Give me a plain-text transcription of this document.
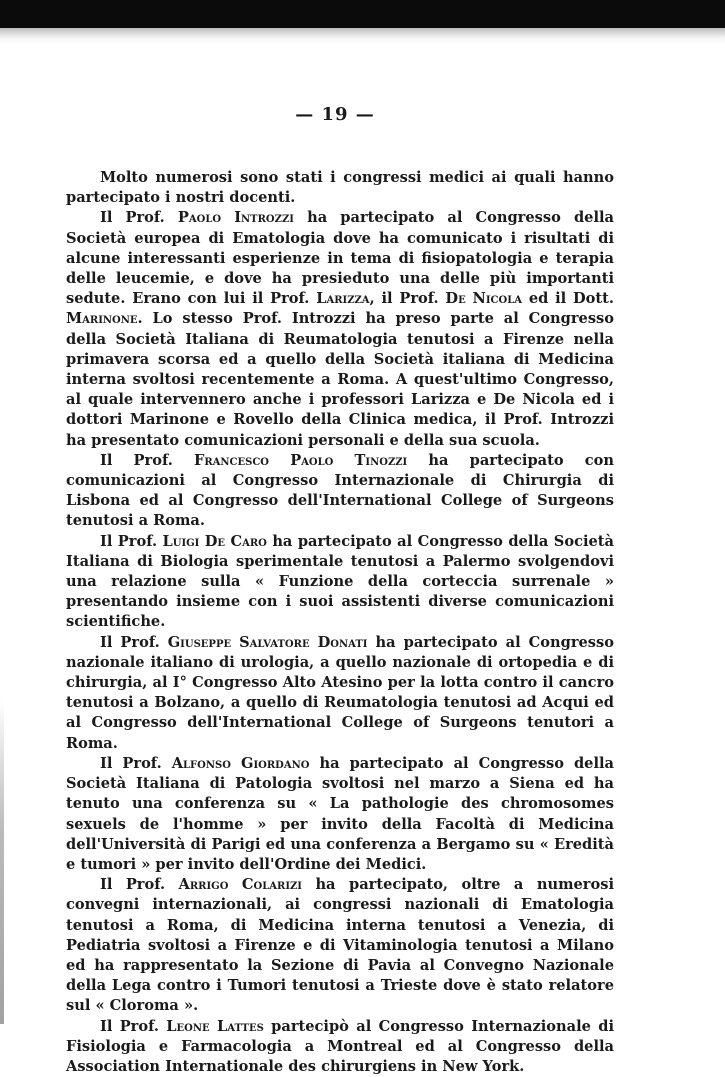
— 19 —

Molto numerosi sono stati i congressi medici ai quali hanno partecipato i nostri docenti.

Il Prof. Paolo Introzzi ha partecipato al Congresso della Società europea di Ematologia dove ha comunicato i risultati di alcune interessanti esperienze in tema di fisiopatologia e terapia delle leucemie, e dove ha presieduto una delle più importanti sedute. Erano con lui il Prof. Larizza, il Prof. De Nicola ed il Dott. Marinone. Lo stesso Prof. Introzzi ha preso parte al Congresso della Società Italiana di Reumatologia tenutosi a Firenze nella primavera scorsa ed a quello della Società italiana di Medicina interna svoltosi recentemente a Roma. A quest'ultimo Congresso, al quale intervennero anche i professori Larizza e De Nicola ed i dottori Marinone e Rovello della Clinica medica, il Prof. Introzzi ha presentato comunicazioni personali e della sua scuola.

Il Prof. Francesco Paolo Tinozzi ha partecipato con comunicazioni al Congresso Internazionale di Chirurgia di Lisbona ed al Congresso dell'International College of Surgeons tenutosi a Roma.

Il Prof. Luigi De Caro ha partecipato al Congresso della Società Italiana di Biologia sperimentale tenutosi a Palermo svolgendovi una relazione sulla « Funzione della corteccia surrenale » presentando insieme con i suoi assistenti diverse comunicazioni scientifiche.

Il Prof. Giuseppe Salvatore Donati ha partecipato al Congresso nazionale italiano di urologia, a quello nazionale di ortopedia e di chirurgia, al I° Congresso Alto Atesino per la lotta contro il cancro tenutosi a Bolzano, a quello di Reumatologia tenutosi ad Acqui ed al Congresso dell'International College of Surgeons tenutori a Roma.

Il Prof. Alfonso Giordano ha partecipato al Congresso della Società Italiana di Patologia svoltosi nel marzo a Siena ed ha tenuto una conferenza su « La pathologie des chromosomes sexuels de l'homme » per invito della Facoltà di Medicina dell'Università di Parigi ed una conferenza a Bergamo su « Eredità e tumori » per invito dell'Ordine dei Medici.

Il Prof. Arrigo Colarizi ha partecipato, oltre a numerosi convegni internazionali, ai congressi nazionali di Ematologia tenutosi a Roma, di Medicina interna tenutosi a Venezia, di Pediatria svoltosi a Firenze e di Vitaminologia tenutosi a Milano ed ha rappresentato la Sezione di Pavia al Convegno Nazionale della Lega contro i Tumori tenutosi a Trieste dove è stato relatore sul « Cloroma ».

Il Prof. Leone Lattes partecipò al Congresso Internazionale di Fisiologia e Farmacologia a Montreal ed al Congresso della Association Internationale des chirurgiens in New York.
